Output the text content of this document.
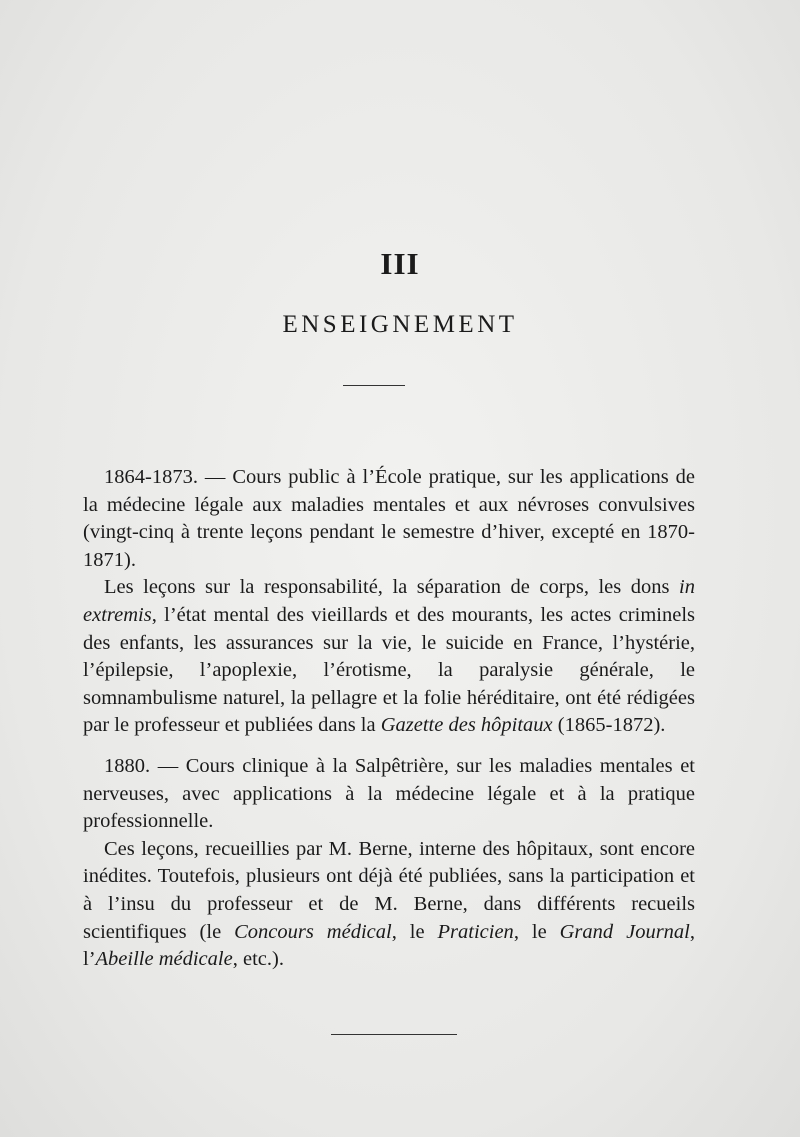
III
ENSEIGNEMENT

1864-1873. — Cours public à l’École pratique, sur les applications de la médecine légale aux maladies mentales et aux névroses convulsives (vingt-cinq à trente leçons pendant le semestre d’hiver, excepté en 1870-1871).

Les leçons sur la responsabilité, la séparation de corps, les dons in extremis, l’état mental des vieillards et des mourants, les actes criminels des enfants, les assurances sur la vie, le suicide en France, l’hystérie, l’épilepsie, l’apoplexie, l’érotisme, la paralysie générale, le somnambulisme naturel, la pellagre et la folie héréditaire, ont été rédigées par le professeur et publiées dans la Gazette des hôpitaux (1865-1872).

1880. — Cours clinique à la Salpêtrière, sur les maladies mentales et nerveuses, avec applications à la médecine légale et à la pratique professionnelle.

Ces leçons, recueillies par M. Berne, interne des hôpitaux, sont encore inédites. Toutefois, plusieurs ont déjà été publiées, sans la participation et à l’insu du professeur et de M. Berne, dans différents recueils scientifiques (le Concours médical, le Praticien, le Grand Journal, l’Abeille médicale, etc.).
